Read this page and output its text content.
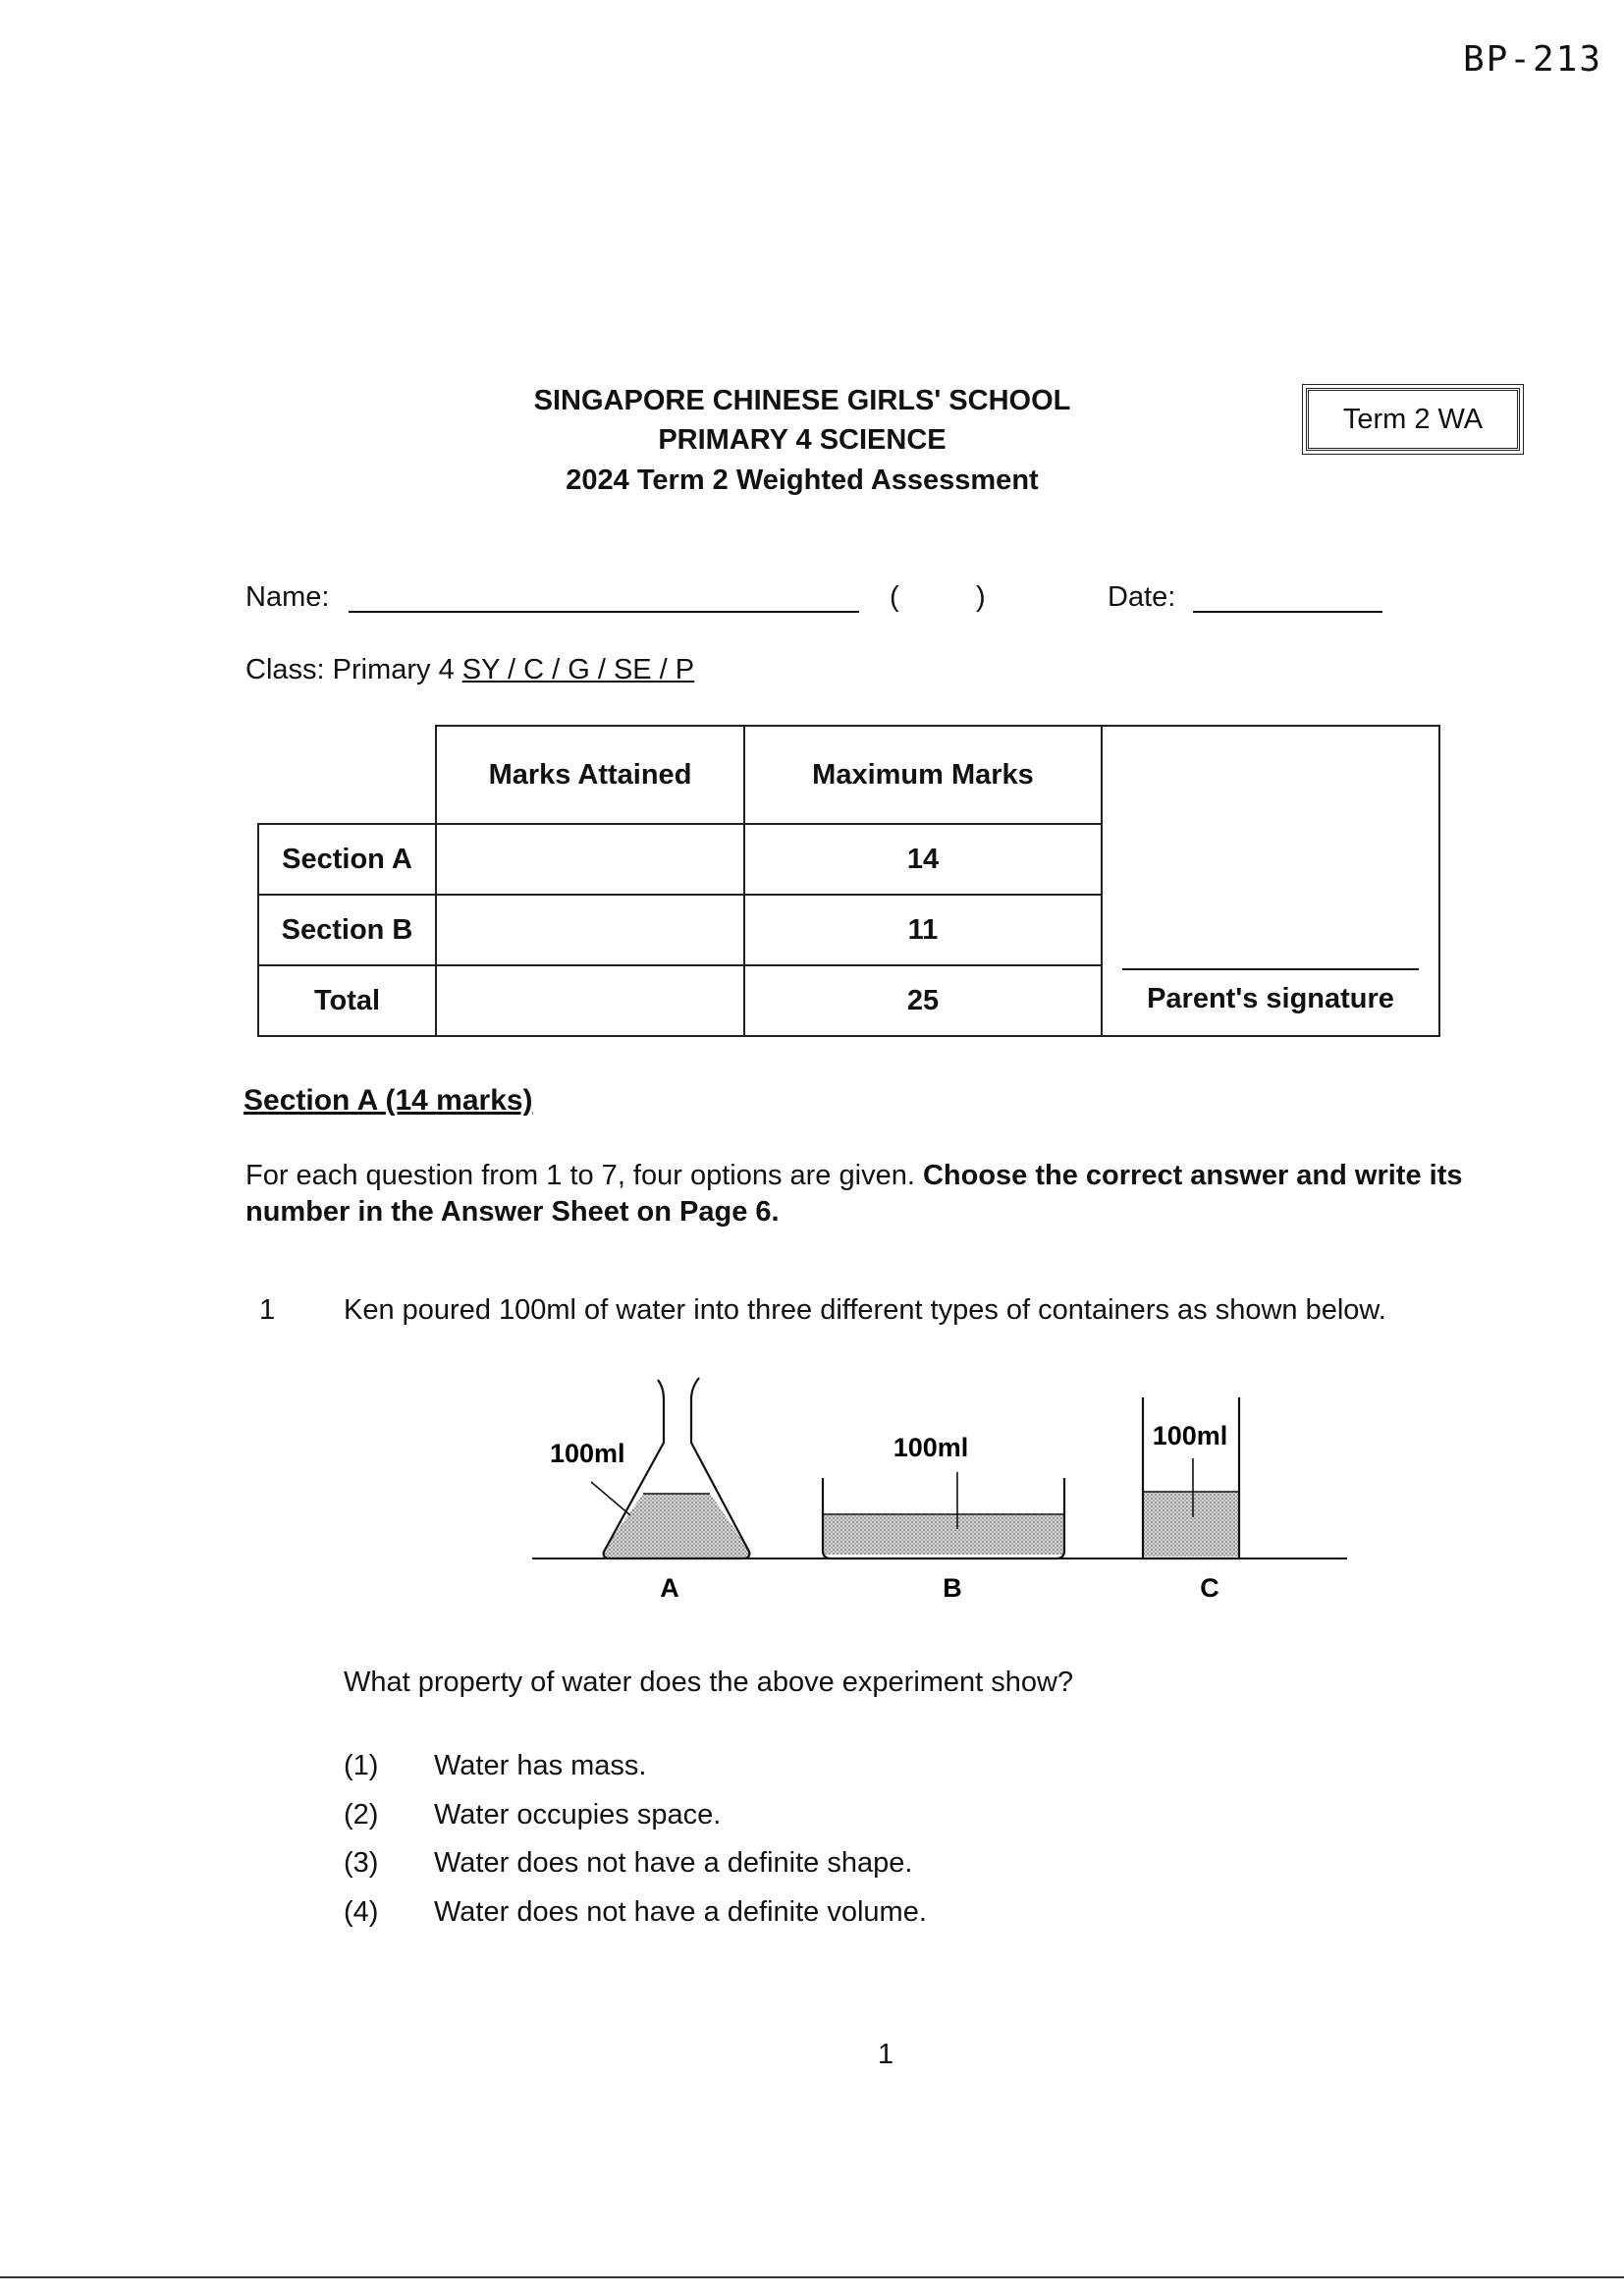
BP-213
SINGAPORE CHINESE GIRLS' SCHOOL
PRIMARY 4 SCIENCE
2024 Term 2 Weighted Assessment
Term 2 WA
Name:	(	)	Date:
Class: Primary 4 SY / C / G / SE / P
	Marks Attained	Maximum Marks	Parent's signature

Section A		14	
Section B		11	
Total		25	
Section A (14 marks)
For each question from 1 to 7, four options are given. Choose the correct answer and write its number in the Answer Sheet on Page 6.
1 Ken poured 100ml of water into three different types of containers as shown below.
100ml
A
100ml
B
100ml
C
What property of water does the above experiment show?
(1) Water has mass.
(2) Water occupies space.
(3) Water does not have a definite shape.
(4) Water does not have a definite volume.
1
